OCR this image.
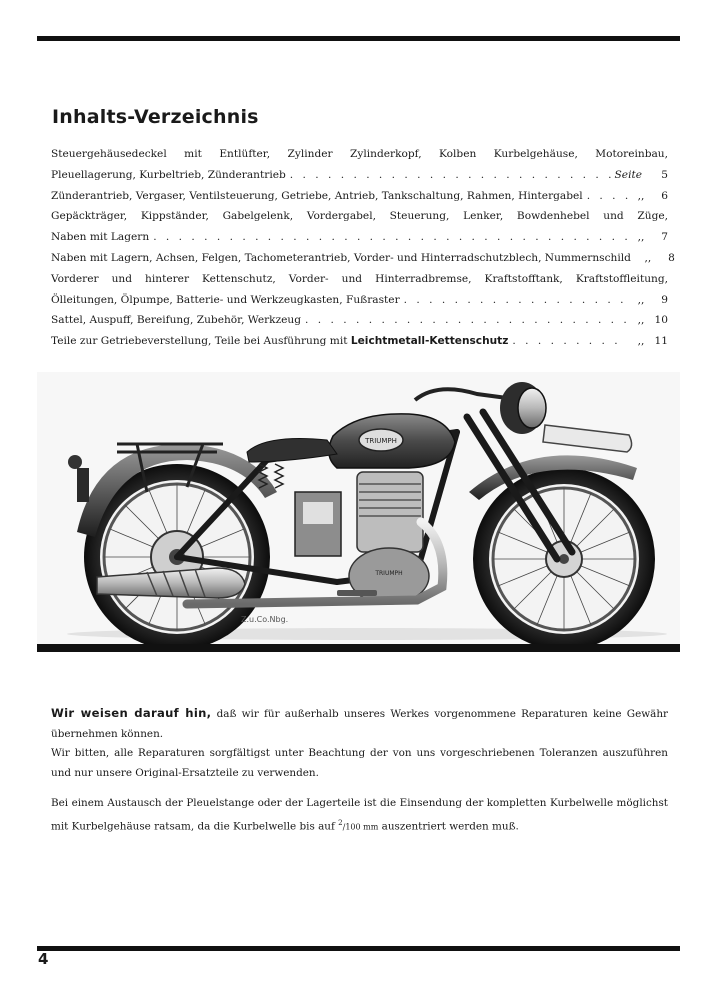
Inhalts-Verzeichnis
Steuergehäusedeckel mit Entlüfter, Zylinder Zylinderkopf, Kolben Kurbelgehäuse, Motoreinbau,
Pleuellagerung, Kurbeltrieb, Zünderantrieb . . .	Seite	5
Zünderantrieb, Vergaser, Ventilsteuerung, Getriebe, Antrieb, Tankschaltung, Rahmen, Hintergabel . . .	,,	6
Gepäckträger, Kippständer, Gabelgelenk, Vordergabel, Steuerung, Lenker, Bowdenhebel und Züge,
Naben mit Lagern . . .	,,	7
Naben mit Lagern, Achsen, Felgen, Tachometerantrieb, Vorder- und Hinterradschutzblech, Nummernschild	,,	8
Vorderer und hinterer Kettenschutz, Vorder- und Hinterradbremse, Kraftstofftank, Kraftstoffleitung,
Ölleitungen, Ölpumpe, Batterie- und Werkzeugkasten, Fußraster . . .	,,	9
Sattel, Auspuff, Bereifung, Zubehör, Werkzeug . . .	,, 10
Teile zur Getriebeverstellung, Teile bei Ausführung mit Leichtmetall-Kettenschutz . . .	,, 11
TRIUMPH
TRIUMPH
Z.u.Co.Nbg.

Wir weisen darauf hin, daß wir für außerhalb unseres Werkes vorgenommene Reparaturen keine Gewähr übernehmen können.

Wir bitten, alle Reparaturen sorgfältigst unter Beachtung der von uns vorgeschriebenen Toleranzen auszuführen und nur unsere Original-Ersatzteile zu verwenden.

Bei einem Austausch der Pleuelstange oder der Lagerteile ist die Einsendung der kompletten Kurbelwelle möglichst mit Kurbelgehäuse ratsam, da die Kurbelwelle bis auf $^2$/100 mm auszentriert werden muß.

4
